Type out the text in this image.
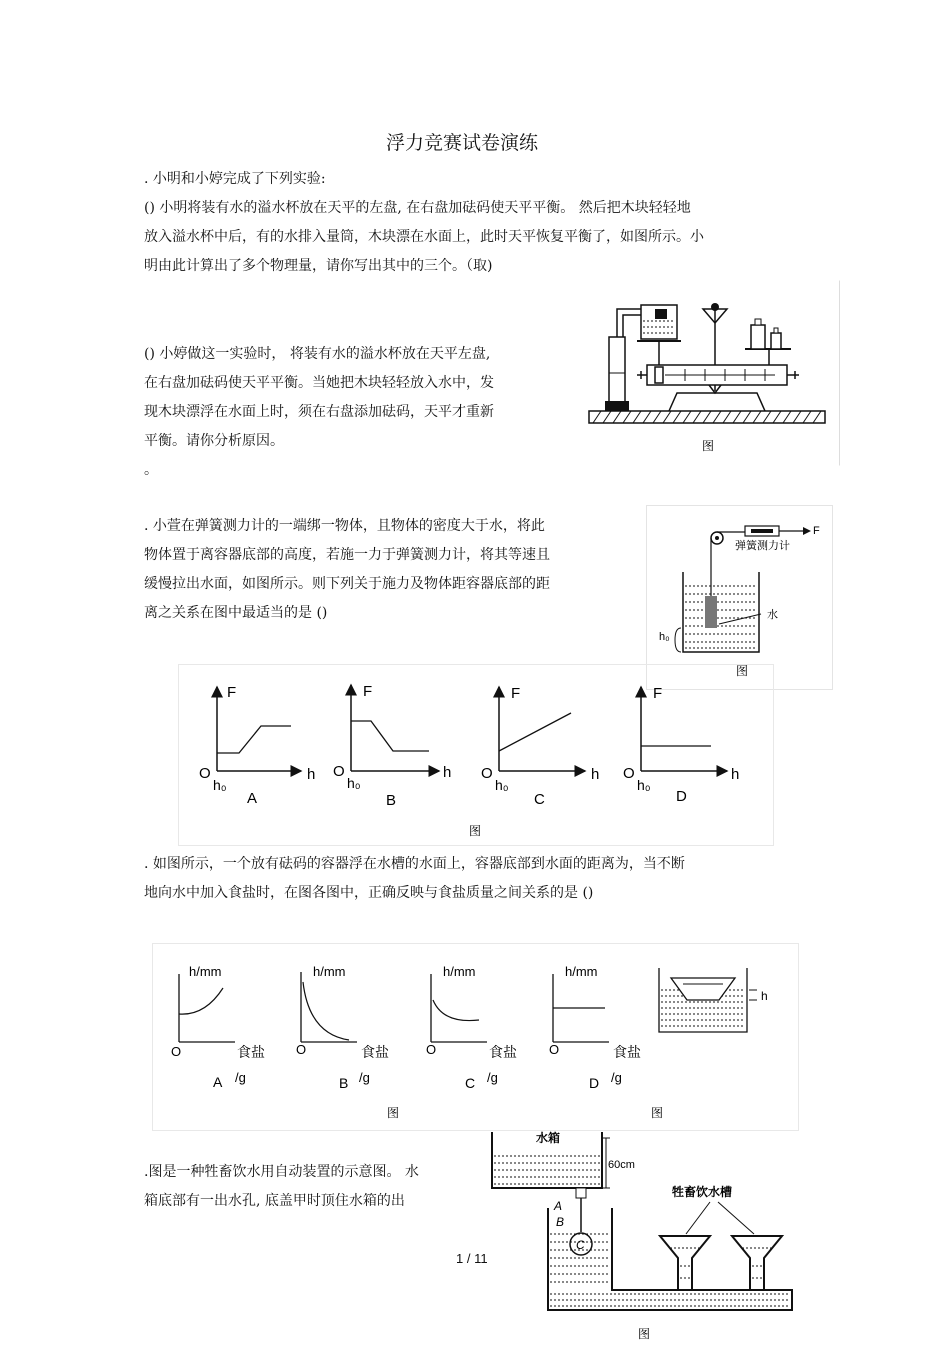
浮力竞赛试卷演练
. 小明和小婷完成了下列实验:
() 小明将装有水的溢水杯放在天平的左盘, 在右盘加砝码使天平平衡。 然后把木块轻轻地
放入溢水杯中后，有的水排入量筒，木块漂在水面上，此时天平恢复平衡了，如图所示。小
明由此计算出了多个物理量，请你写出其中的三个。（取)
() 小婷做这一实验时， 将装有水的溢水杯放在天平左盘,
在右盘加砝码使天平平衡。当她把木块轻轻放入水中，发
现木块漂浮在水面上时，须在右盘添加砝码，天平才重新
平衡。请你分析原因。
。
图
. 小萱在弹簧测力计的一端绑一物体，且物体的密度大于水，将此
物体置于离容器底部的高度，若施一力于弹簧测力计，将其等速且
缓慢拉出水面，如图所示。则下列关于施力及物体距容器底部的距
离之关系在图中最适当的是 ()
F
弹簧测力计
水
h₀
图
F
h
O
h₀
A
F
h
O
h₀
B
F
h
O
h₀
C
F
h
O
h₀
D
图
. 如图所示，一个放有砝码的容器浮在水槽的水面上，容器底部到水面的距离为，当不断
地向水中加入食盐时，在图各图中，正确反映与食盐质量之间关系的是 ()
h/mm
O	食盐
A /g
h/mm
O	食盐
B /g
h/mm
O	食盐
C /g
h/mm
O	食盐
D /g
h
图	图
.图是一种牲畜饮水用自动装置的示意图。 水
箱底部有一出水孔, 底盖甲时顶住水箱的出
1 / 11
水箱
60cm
A
B
C
牲畜饮水槽
图
